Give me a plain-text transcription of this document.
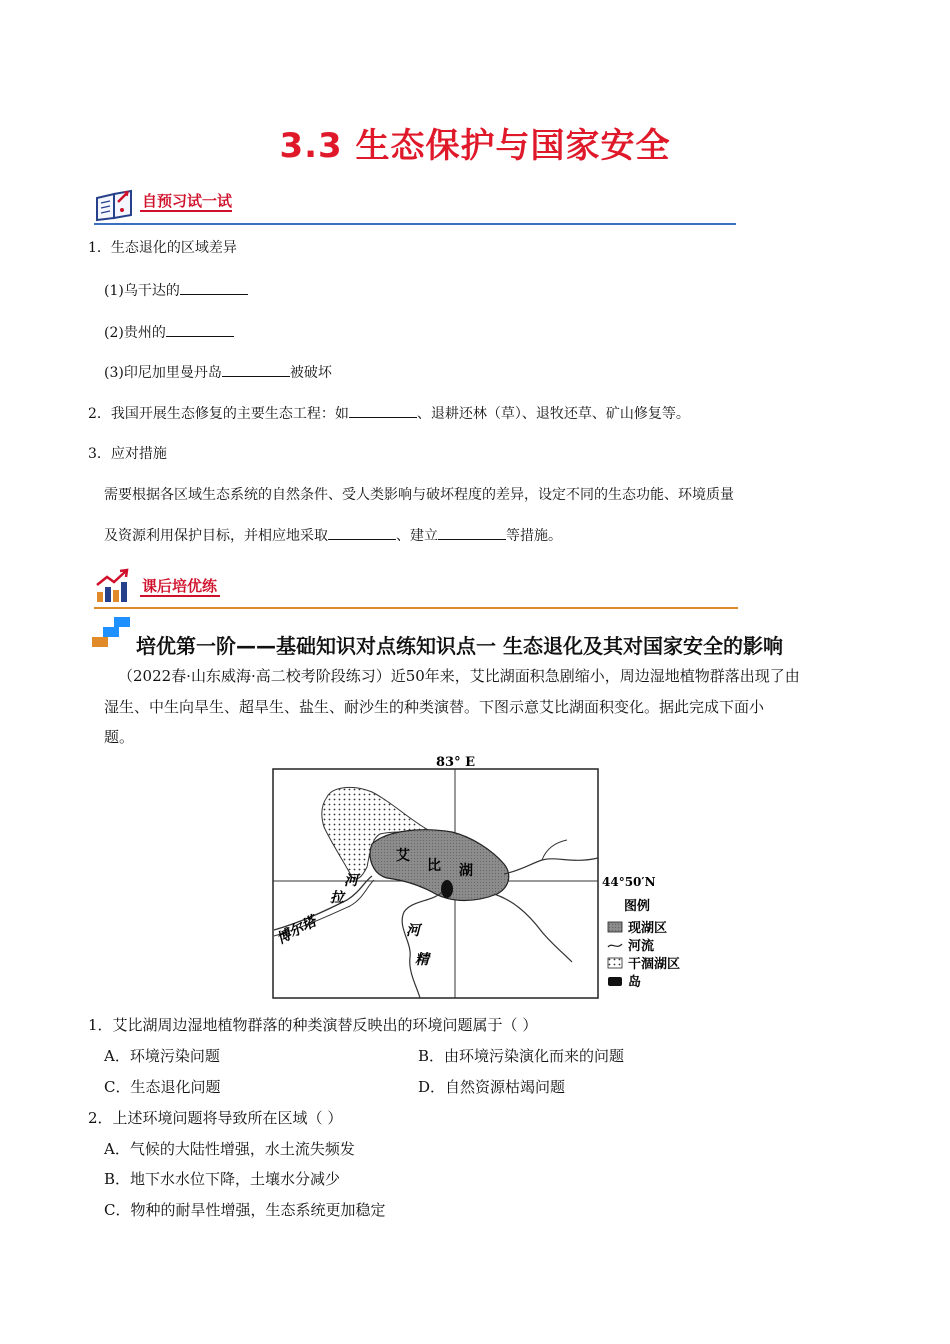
3.3 生态保护与国家安全
自预习试一试
1．生态退化的区域差异
(1)乌干达的
(2)贵州的
(3)印尼加里曼丹岛	被破坏
2．我国开展生态修复的主要生态工程：如	、退耕还林（草）、退牧还草、矿山修复等。
3．应对措施
需要根据各区域生态系统的自然条件、受人类影响与破坏程度的差异，设定不同的生态功能、环境质量
及资源利用保护目标，并相应地采取	、建立	等措施。
课后培优练
培优第一阶——基础知识对点练知识点一 生态退化及其对国家安全的影响
（2022春·山东威海·高二校考阶段练习）近50年来，艾比湖面积急剧缩小，周边湿地植物群落出现了由
湿生、中生向旱生、超旱生、盐生、耐沙生的种类演替。下图示意艾比湖面积变化。据此完成下面小
题。
83° E
44°50′N
艾
比 湖
博尔塔
拉
河
河
精
图例
现湖区
河流
干涸湖区
岛
1．艾比湖周边湿地植物群落的种类演替反映出的环境问题属于（ ）
A．环境污染问题	B．由环境污染演化而来的问题
C．生态退化问题	D．自然资源枯竭问题
2．上述环境问题将导致所在区域（ ）
A．气候的大陆性增强，水土流失频发
B．地下水水位下降，土壤水分减少
C．物种的耐旱性增强，生态系统更加稳定
